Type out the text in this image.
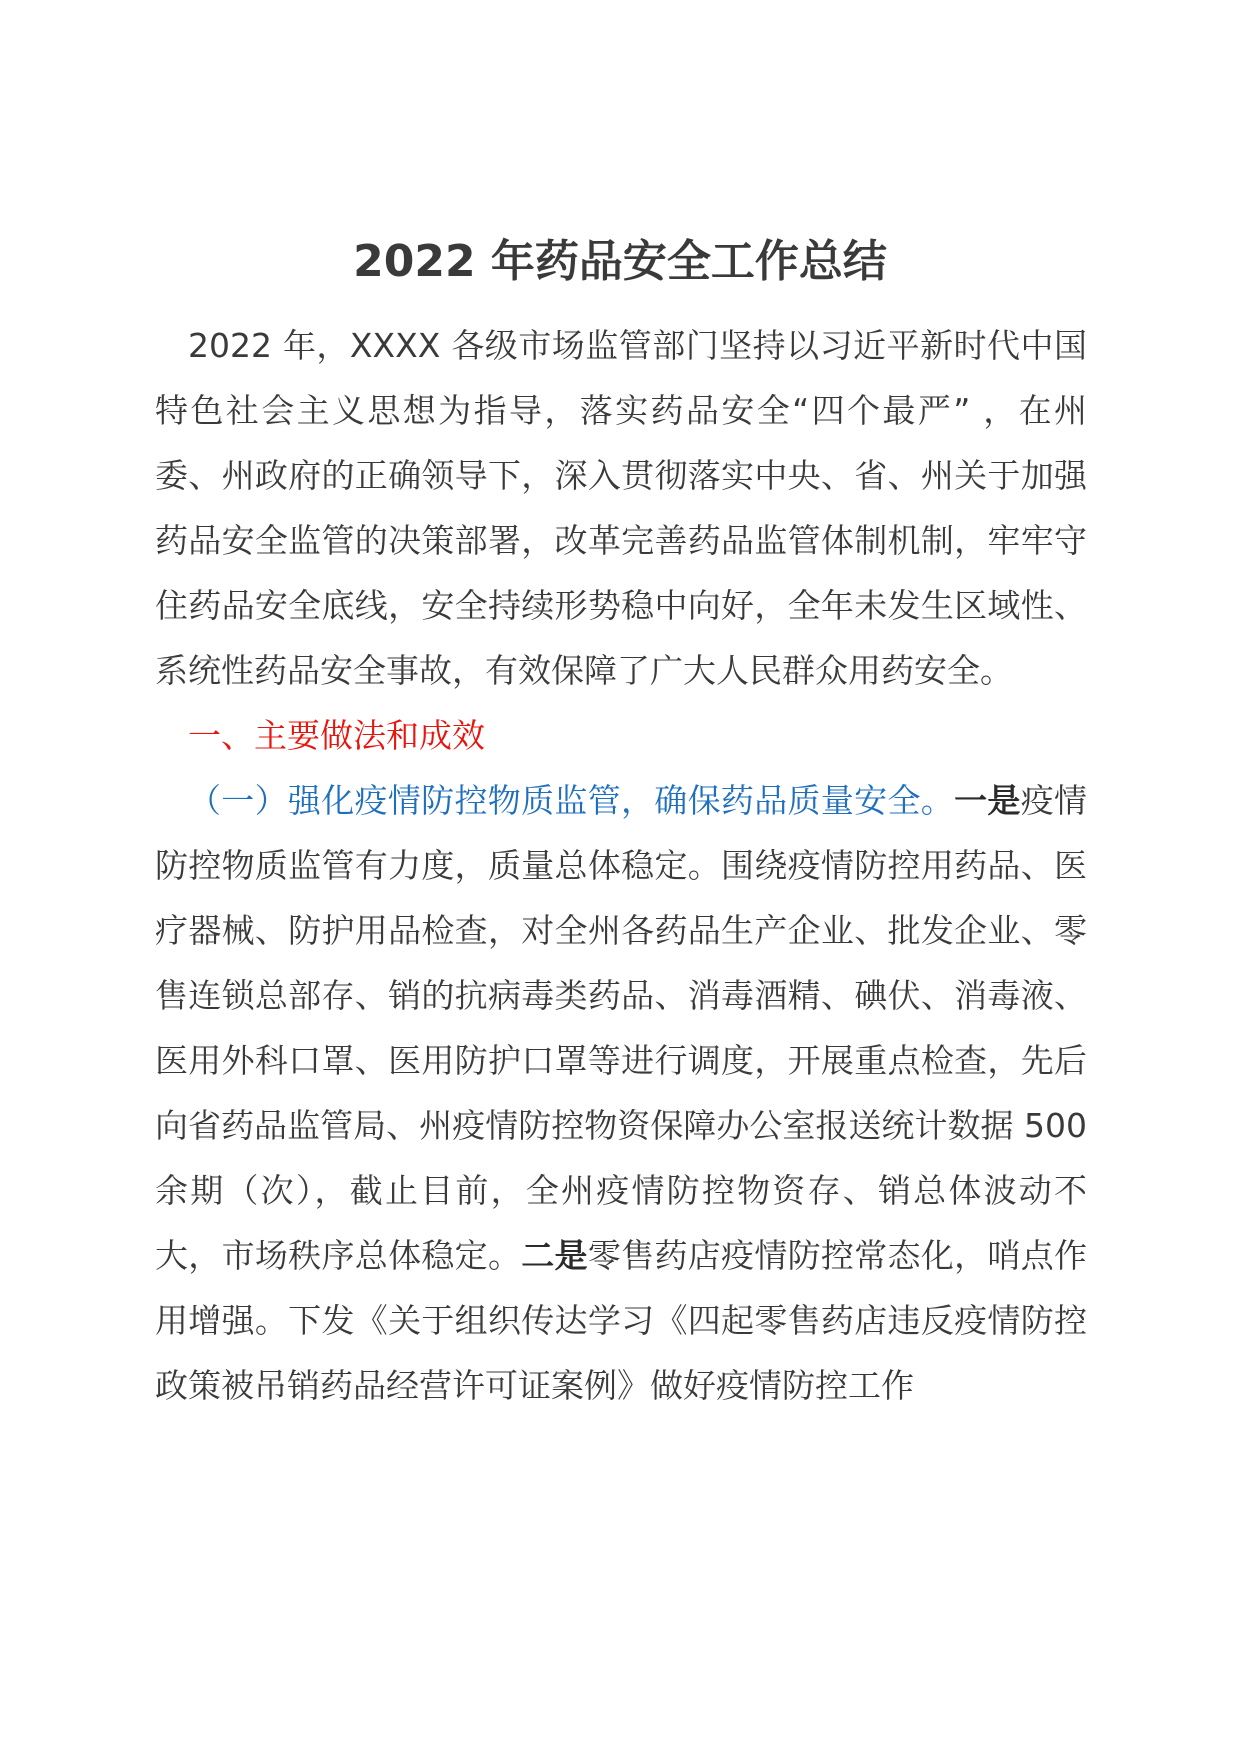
2022 年药品安全工作总结

2022 年，XXXX 各级市场监管部门坚持以习近平新时代中国特色社会主义思想为指导，落实药品安全“四个最严” ，在州委、州政府的正确领导下，深入贯彻落实中央、省、州关于加强药品安全监管的决策部署，改革完善药品监管体制机制，牢牢守住药品安全底线，安全持续形势稳中向好，全年未发生区域性、系统性药品安全事故，有效保障了广大人民群众用药安全。

一、主要做法和成效

（一）强化疫情防控物质监管，确保药品质量安全。一是疫情防控物质监管有力度，质量总体稳定。围绕疫情防控用药品、医疗器械、防护用品检查，对全州各药品生产企业、批发企业、零售连锁总部存、销的抗病毒类药品、消毒酒精、碘伏、消毒液、医用外科口罩、医用防护口罩等进行调度，开展重点检查，先后向省药品监管局、州疫情防控物资保障办公室报送统计数据 500 余期（次），截止目前，全州疫情防控物资存、销总体波动不大，市场秩序总体稳定。二是零售药店疫情防控常态化，哨点作用增强。下发《关于组织传达学习《四起零售药店违反疫情防控政策被吊销药品经营许可证案例》做好疫情防控工作
